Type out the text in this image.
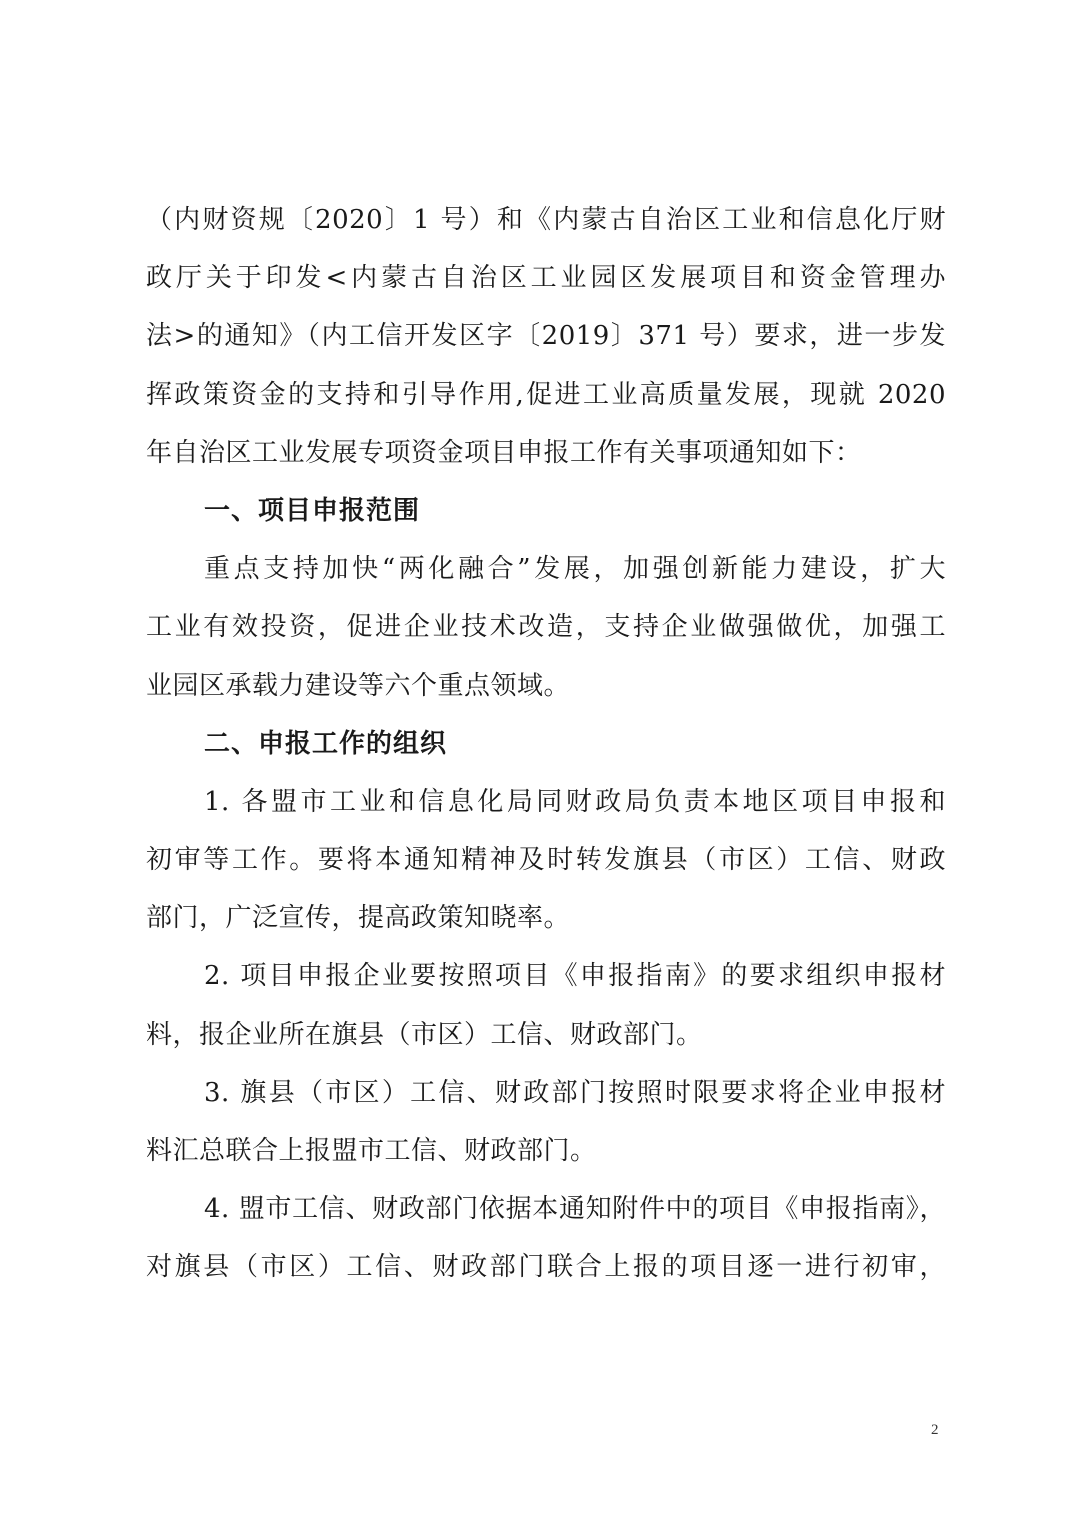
（内财资规〔2020〕1 号）和《内蒙古自治区工业和信息化厅财
政厅关于印发<内蒙古自治区工业园区发展项目和资金管理办
法>的通知》（内工信开发区字〔2019〕371 号）要求，进一步发
挥政策资金的支持和引导作用,促进工业高质量发展，现就 2020
年自治区工业发展专项资金项目申报工作有关事项通知如下：
一、项目申报范围
重点支持加快“两化融合”发展，加强创新能力建设，扩大
工业有效投资，促进企业技术改造，支持企业做强做优，加强工
业园区承载力建设等六个重点领域。
二、申报工作的组织
1. 各盟市工业和信息化局同财政局负责本地区项目申报和
初审等工作。要将本通知精神及时转发旗县（市区）工信、财政
部门，广泛宣传，提高政策知晓率。
2. 项目申报企业要按照项目《申报指南》的要求组织申报材
料，报企业所在旗县（市区）工信、财政部门。
3. 旗县（市区）工信、财政部门按照时限要求将企业申报材
料汇总联合上报盟市工信、财政部门。
4. 盟市工信、财政部门依据本通知附件中的项目《申报指南》，
对旗县（市区）工信、财政部门联合上报的项目逐一进行初审，
2
